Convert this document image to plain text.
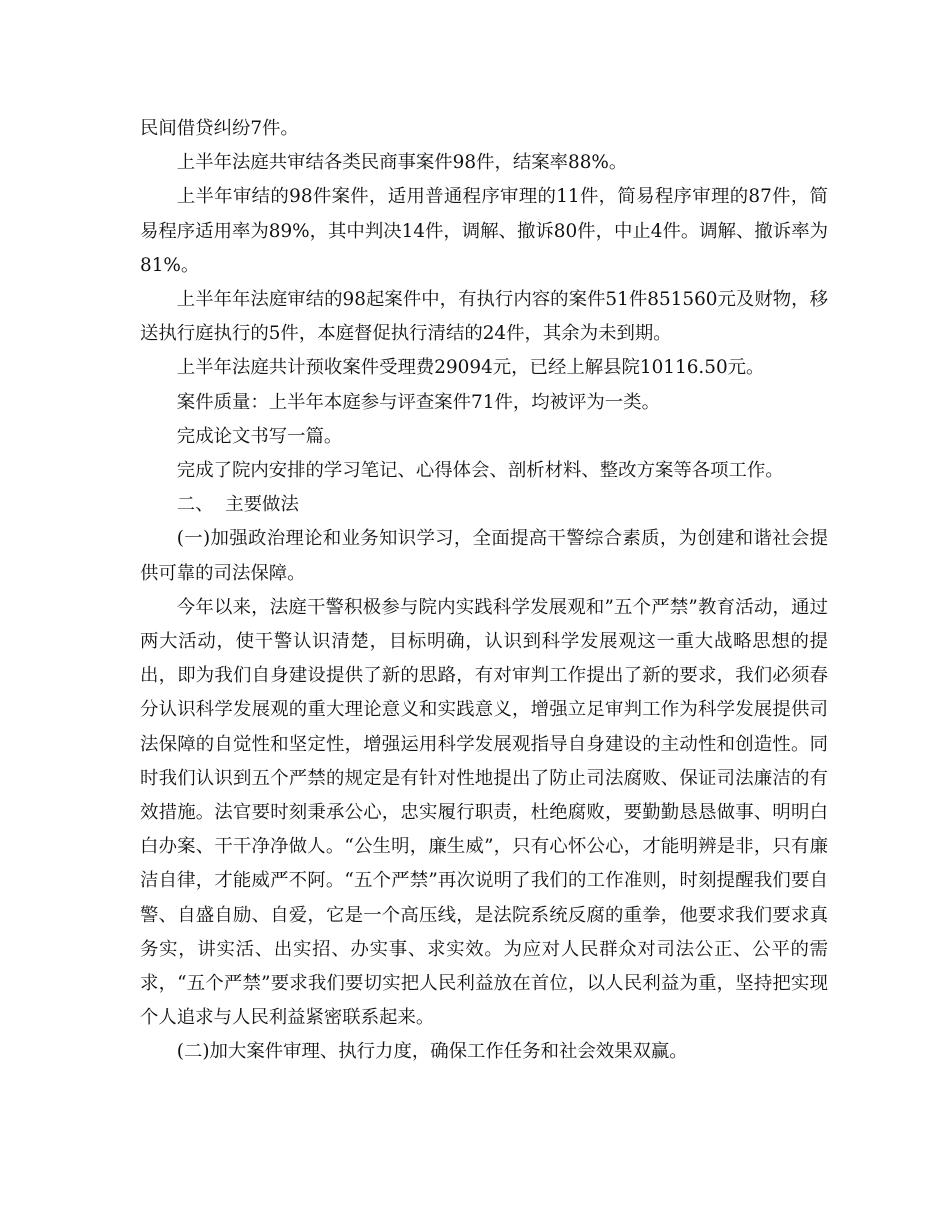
民间借贷纠纷7件。

上半年法庭共审结各类民商事案件98件，结案率88%。

上半年审结的98件案件，适用普通程序审理的11件，简易程序审理的87件，简易程序适用率为89%，其中判决14件，调解、撤诉80件，中止4件。调解、撤诉率为81%。

上半年年法庭审结的98起案件中，有执行内容的案件51件851560元及财物，移送执行庭执行的5件，本庭督促执行清结的24件，其余为未到期。

上半年法庭共计预收案件受理费29094元，已经上解县院10116.50元。

案件质量：上半年本庭参与评查案件71件，均被评为一类。

完成论文书写一篇。

完成了院内安排的学习笔记、心得体会、剖析材料、整改方案等各项工作。

二、  主要做法

(一)加强政治理论和业务知识学习，全面提高干警综合素质，为创建和谐社会提供可靠的司法保障。

今年以来，法庭干警积极参与院内实践科学发展观和”五个严禁”教育活动，通过两大活动，使干警认识清楚，目标明确，认识到科学发展观这一重大战略思想的提出，即为我们自身建设提供了新的思路，有对审判工作提出了新的要求，我们必须春分认识科学发展观的重大理论意义和实践意义，增强立足审判工作为科学发展提供司法保障的自觉性和坚定性，增强运用科学发展观指导自身建设的主动性和创造性。同时我们认识到五个严禁的规定是有针对性地提出了防止司法腐败、保证司法廉洁的有效措施。法官要时刻秉承公心，忠实履行职责，杜绝腐败，要勤勤恳恳做事、明明白白办案、干干净净做人。“公生明，廉生威”，只有心怀公心，才能明辨是非，只有廉洁自律，才能威严不阿。“五个严禁”再次说明了我们的工作准则，时刻提醒我们要自警、自盛自励、自爱，它是一个高压线，是法院系统反腐的重拳，他要求我们要求真务实，讲实活、出实招、办实事、求实效。为应对人民群众对司法公正、公平的需求，“五个严禁”要求我们要切实把人民利益放在首位，以人民利益为重，坚持把实现个人追求与人民利益紧密联系起来。

(二)加大案件审理、执行力度，确保工作任务和社会效果双赢。
